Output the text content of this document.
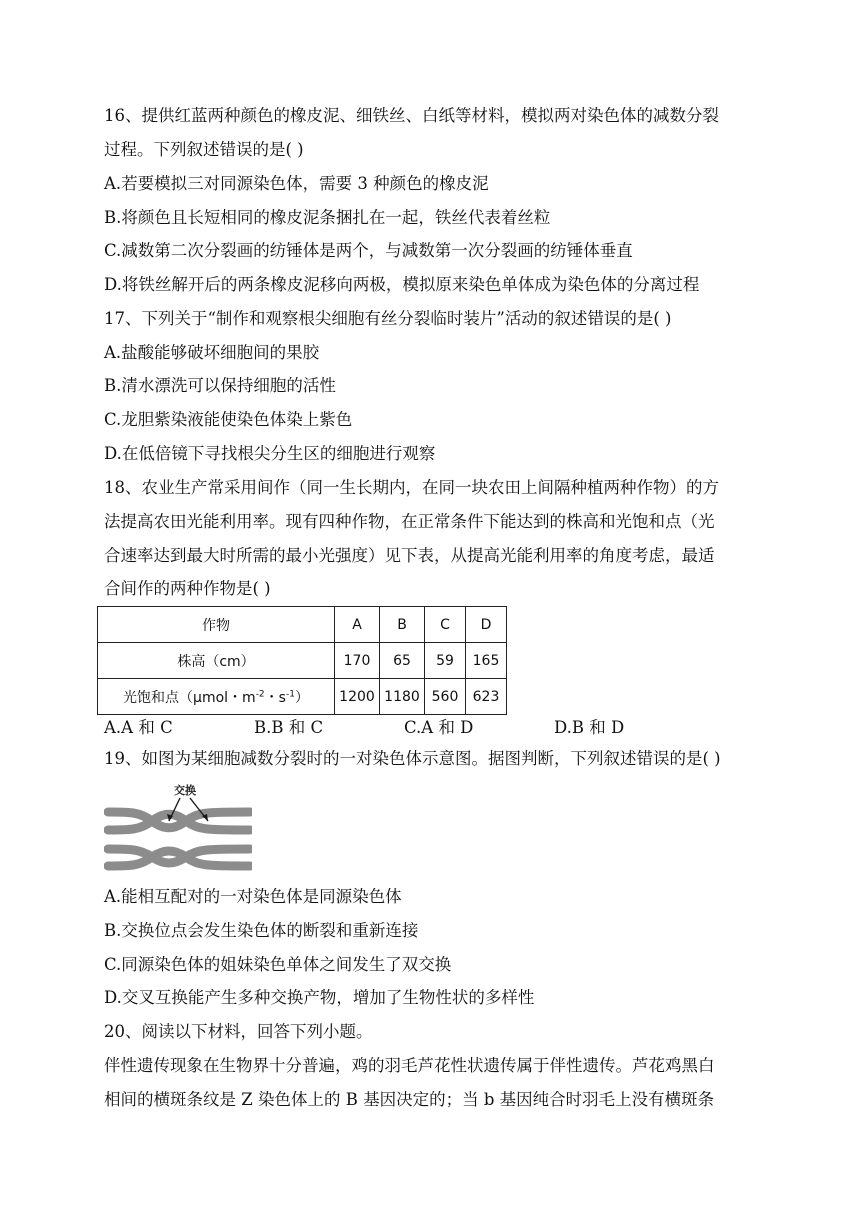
16、提供红蓝两种颜色的橡皮泥、细铁丝、白纸等材料，模拟两对染色体的减数分裂
过程。下列叙述错误的是( )
A.若要模拟三对同源染色体，需要 3 种颜色的橡皮泥
B.将颜色且长短相同的橡皮泥条捆扎在一起，铁丝代表着丝粒
C.减数第二次分裂画的纺锤体是两个，与减数第一次分裂画的纺锤体垂直
D.将铁丝解开后的两条橡皮泥移向两极，模拟原来染色单体成为染色体的分离过程
17、下列关于“制作和观察根尖细胞有丝分裂临时装片”活动的叙述错误的是( )
A.盐酸能够破坏细胞间的果胶
B.清水漂洗可以保持细胞的活性
C.龙胆紫染液能使染色体染上紫色
D.在低倍镜下寻找根尖分生区的细胞进行观察
18、农业生产常采用间作（同一生长期内，在同一块农田上间隔种植两种作物）的方
法提高农田光能利用率。现有四种作物，在正常条件下能达到的株高和光饱和点（光
合速率达到最大时所需的最小光强度）见下表，从提高光能利用率的角度考虑，最适
合间作的两种作物是( )
作物	A	B	C	D
株高（cm）	170	65	59	165
光饱和点（μmol・$m^{-2}$・$s^{-1}$）	1200	1180	560	623
A.A 和 C	B.B 和 C	C.A 和 D	D.B 和 D
19、如图为某细胞减数分裂时的一对染色体示意图。据图判断，下列叙述错误的是( )
交换
A.能相互配对的一对染色体是同源染色体
B.交换位点会发生染色体的断裂和重新连接
C.同源染色体的姐妹染色单体之间发生了双交换
D.交叉互换能产生多种交换产物，增加了生物性状的多样性
20、阅读以下材料，回答下列小题。
伴性遗传现象在生物界十分普遍，鸡的羽毛芦花性状遗传属于伴性遗传。芦花鸡黑白
相间的横斑条纹是 Z 染色体上的 B 基因决定的；当 b 基因纯合时羽毛上没有横斑条
